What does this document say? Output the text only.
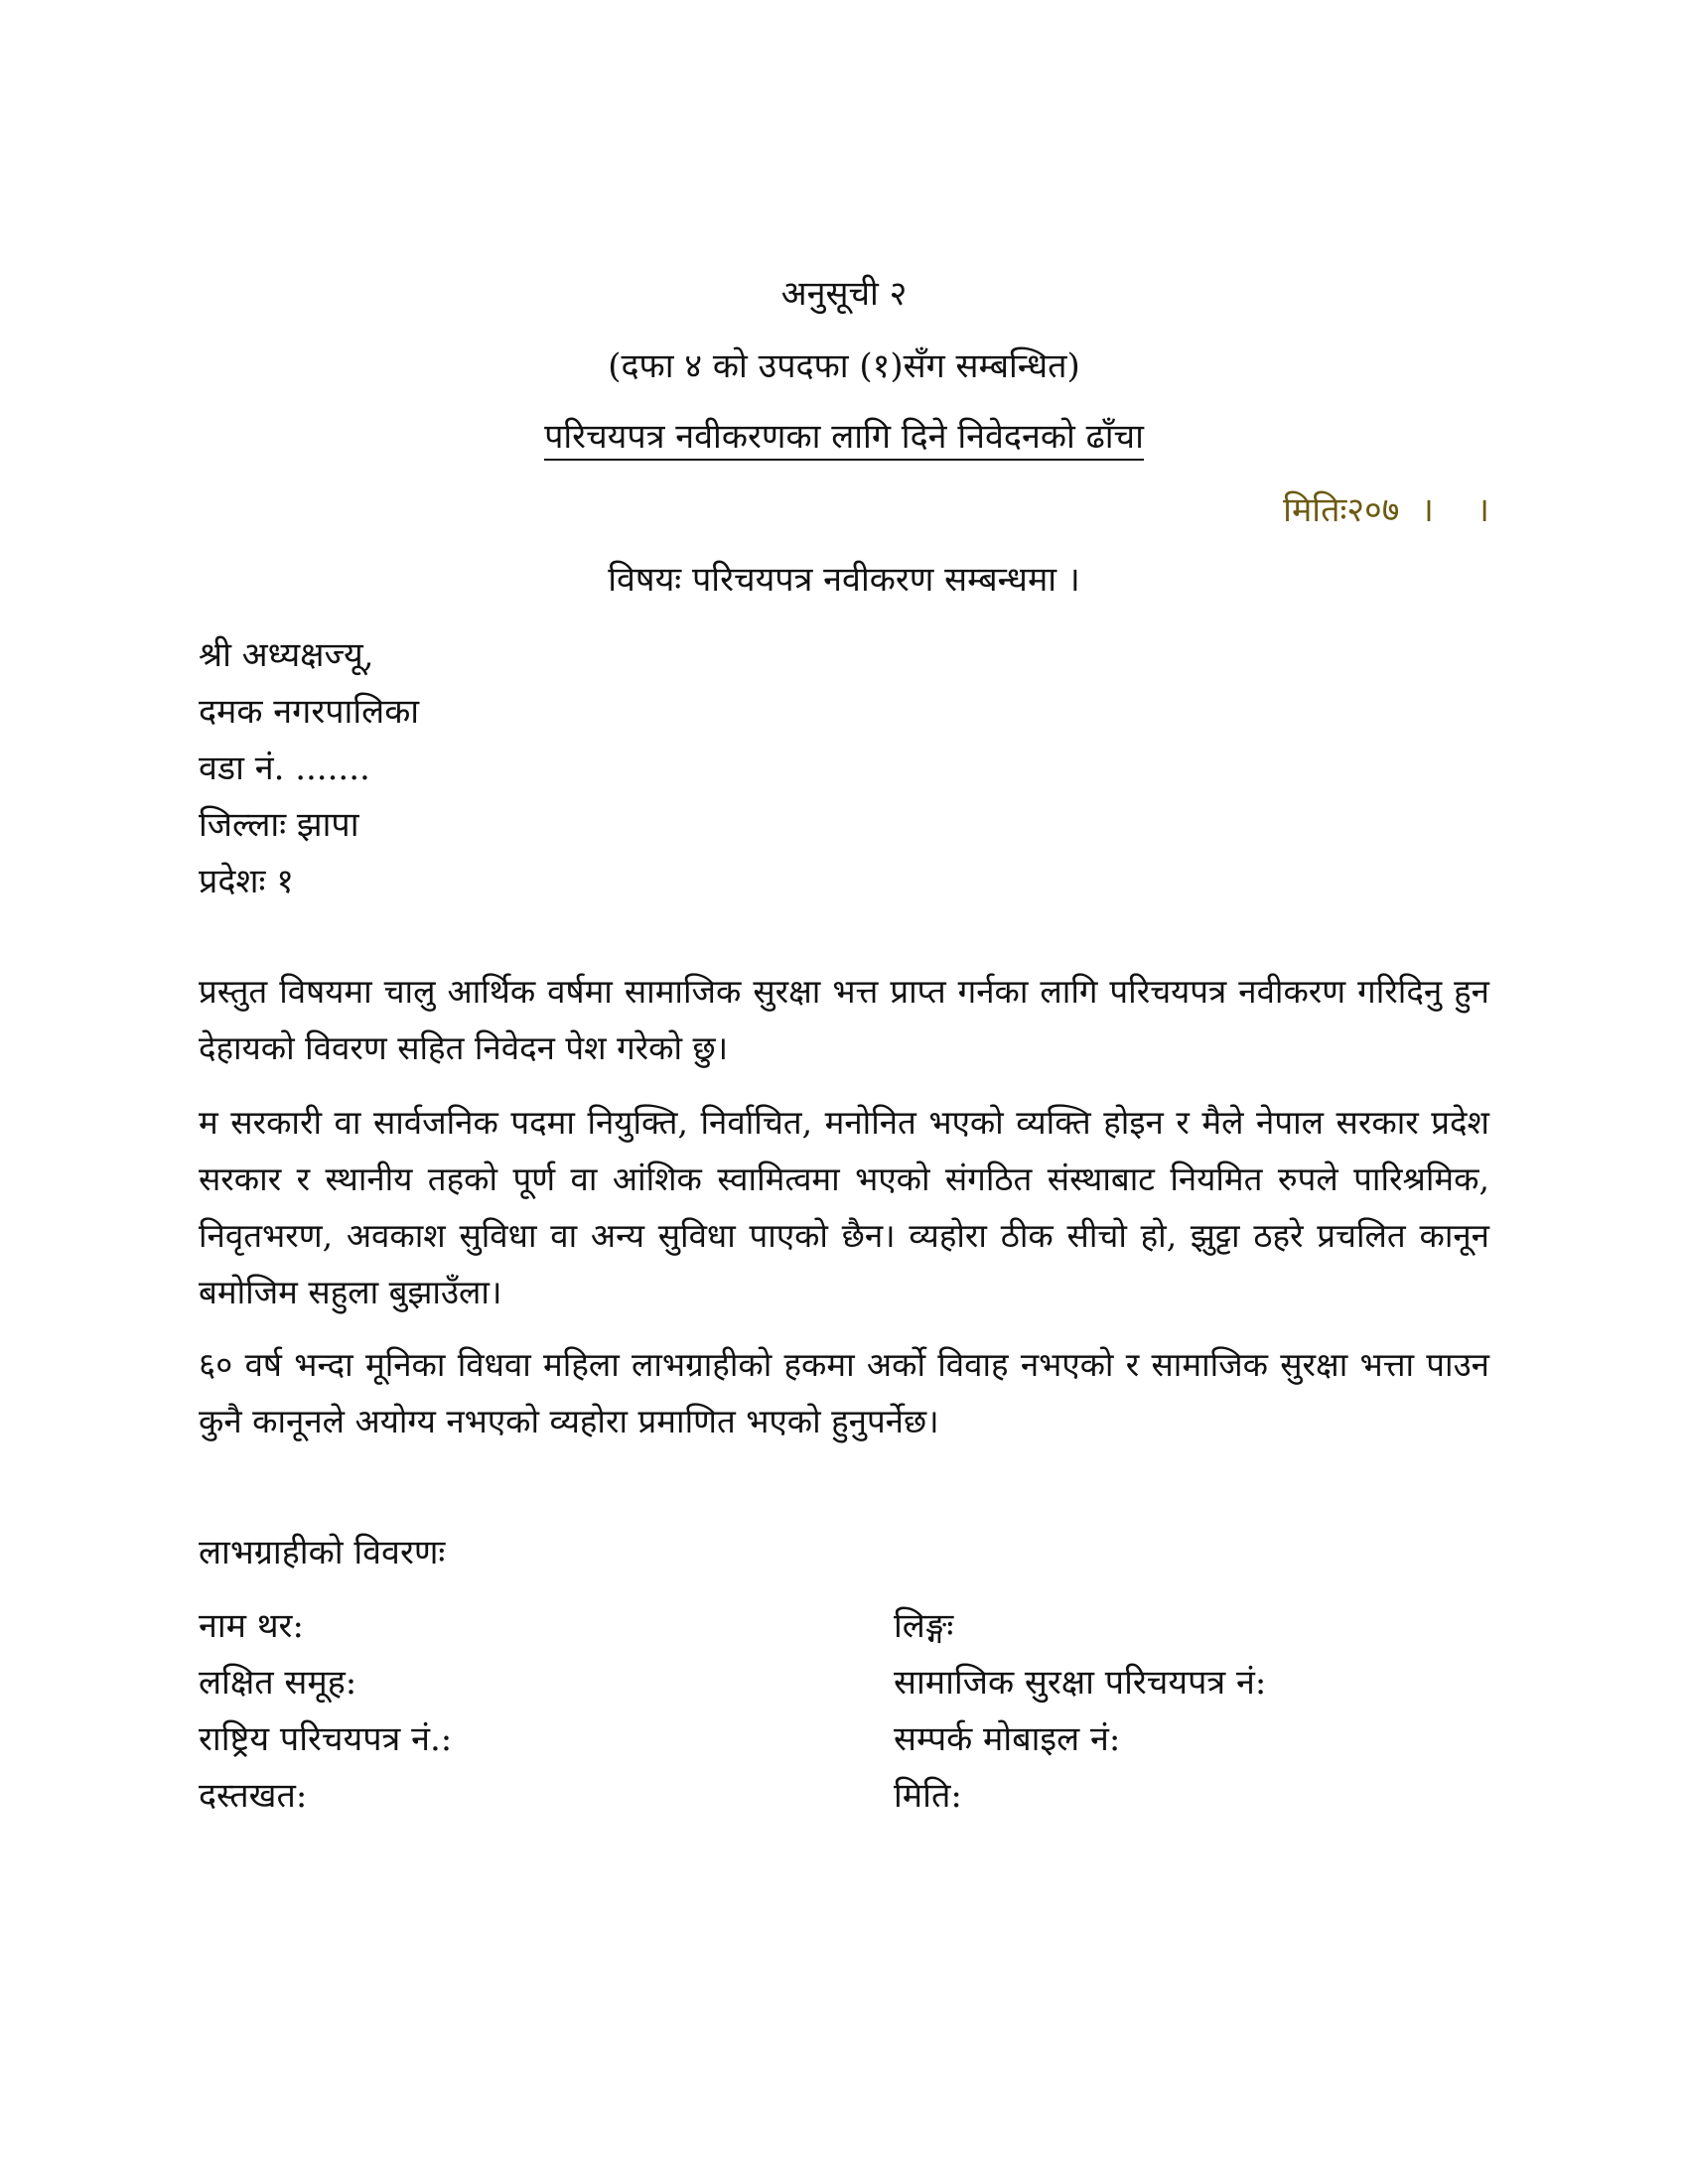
अनुसूची २
(दफा ४ को उपदफा (१)सँग सम्बन्धित)
परिचयपत्र नवीकरणका लागि दिने निवेदनको ढाँचा
मितिः२०७  ।    ।
विषयः परिचयपत्र नवीकरण सम्बन्धमा ।
श्री अध्यक्षज्यू,
दमक नगरपालिका
वडा नं. .......
जिल्लाः झापा
प्रदेशः १
प्रस्तुत विषयमा चालु आर्थिक वर्षमा सामाजिक सुरक्षा भत्त प्राप्त गर्नका लागि परिचयपत्र नवीकरण गरिदिनु हुन देहायको विवरण सहित निवेदन पेश गरेको छु।
म सरकारी वा सार्वजनिक पदमा नियुक्ति, निर्वाचित, मनोनित भएको व्यक्ति होइन र मैले नेपाल सरकार प्रदेश सरकार र स्थानीय तहको पूर्ण वा आंशिक स्वामित्वमा भएको संगठित संस्थाबाट नियमित रुपले पारिश्रमिक, निवृतभरण, अवकाश सुविधा वा अन्य सुविधा पाएको छैन। व्यहोरा ठीक सीचो हो, झुट्टा ठहरे प्रचलित कानून बमोजिम सहुला बुझाउँला।
६० वर्ष भन्दा मूनिका विधवा महिला लाभग्राहीको हकमा अर्को विवाह नभएको र सामाजिक सुरक्षा भत्ता पाउन कुनै कानूनले अयोग्य नभएको व्यहोरा प्रमाणित भएको हुनुपर्नेछ।
लाभग्राहीको विवरणः
नाम थर:	लिङ्गः
लक्षित समूह:	सामाजिक सुरक्षा परिचयपत्र नं:
राष्ट्रिय परिचयपत्र नं.:	सम्पर्क मोबाइल नं:
दस्तखत:	मिति:
